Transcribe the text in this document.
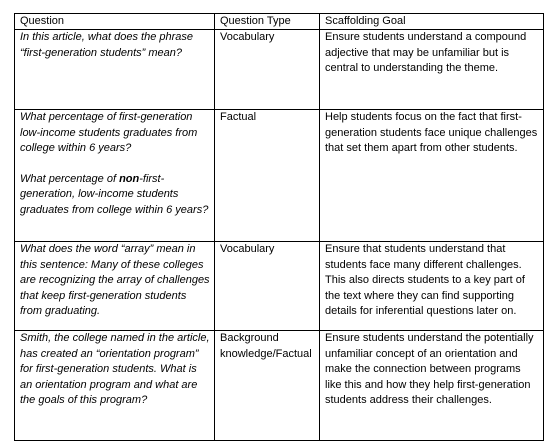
Question	Question Type	Scaffolding Goal

In this article, what does the phrase “first-generation students” mean?	Vocabulary	Ensure students understand a compound adjective that may be unfamiliar but is central to understanding the theme.

What percentage of first-generation low-income students graduates from college within 6 years?

What percentage of non-first-generation, low-income students graduates from college within 6 years?	Factual	Help students focus on the fact that first-generation students face unique challenges that set them apart from other students.

What does the word “array” mean in this sentence: Many of these colleges are recognizing the array of challenges that keep first-generation students from graduating.	Vocabulary	Ensure that students understand that students face many different challenges. This also directs students to a key part of the text where they can find supporting details for inferential questions later on.

Smith, the college named in the article, has created an “orientation program” for first-generation students. What is an orientation program and what are the goals of this program?	Background knowledge/Factual	Ensure students understand the potentially unfamiliar concept of an orientation and make the connection between programs like this and how they help first-generation students address their challenges.
